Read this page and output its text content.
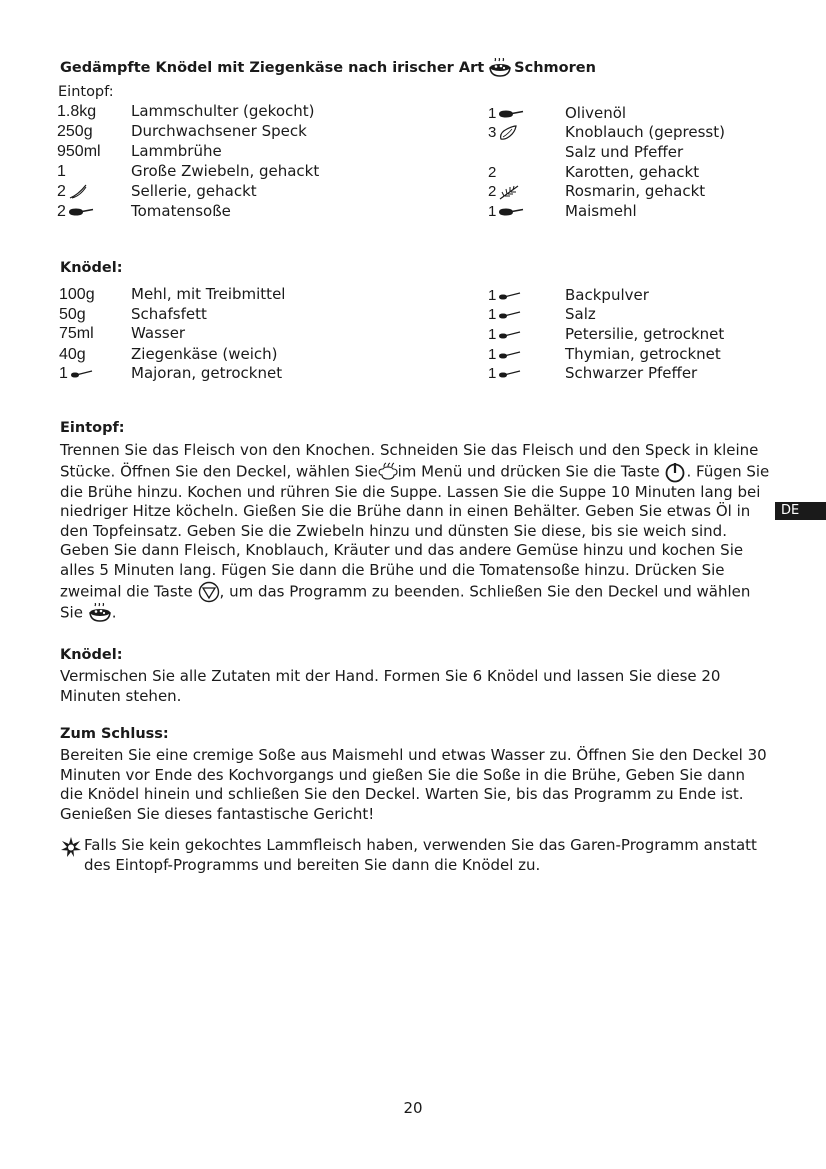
Gedämpfte Knödel mit Ziegenkäse nach irischer Art Schmoren
Eintopf:
1.8kg Lammschulter (gekocht)
250g	Durchwachsener Speck
950ml Lammbrühe
1	Große Zwiebeln, gehackt
2	Sellerie, gehackt
2	Tomatensoße
1	Olivenöl
3	Knoblauch (gepresst)
Salz und Pfeffer
2	Karotten, gehackt
2	Rosmarin, gehackt
1	Maismehl
Knödel:
100g Mehl, mit Treibmittel
50g	Schafsfett
75ml Wasser
40g	Ziegenkäse (weich)
1	Majoran, getrocknet
1	Backpulver
1	Salz
1	Petersilie, getrocknet
1	Thymian, getrocknet
1	Schwarzer Pfeffer
Eintopf:
Trennen Sie das Fleisch von den Knochen. Schneiden Sie das Fleisch und den Speck in kleine Stücke. Öffnen Sie den Deckel, wählen Sie im Menü und drücken Sie die Taste . Fügen Sie die Brühe hinzu. Kochen und rühren Sie die Suppe. Lassen Sie die Suppe 10 Minuten lang bei niedriger Hitze köcheln. Gießen Sie die Brühe dann in einen Behälter. Geben Sie etwas Öl in den Topfeinsatz. Geben Sie die Zwiebeln hinzu und dünsten Sie diese, bis sie weich sind. Geben Sie dann Fleisch, Knoblauch, Kräuter und das andere Gemüse hinzu und kochen Sie alles 5 Minuten lang. Fügen Sie dann die Brühe und die Tomatensoße hinzu. Drücken Sie zweimal die Taste , um das Programm zu beenden. Schließen Sie den Deckel und wählen Sie .
DE
Knödel:
Vermischen Sie alle Zutaten mit der Hand. Formen Sie 6 Knödel und lassen Sie diese 20 Minuten stehen.
Zum Schluss:
Bereiten Sie eine cremige Soße aus Maismehl und etwas Wasser zu. Öffnen Sie den Deckel 30 Minuten vor Ende des Kochvorgangs und gießen Sie die Soße in die Brühe, Geben Sie dann die Knödel hinein und schließen Sie den Deckel. Warten Sie, bis das Programm zu Ende ist. Genießen Sie dieses fantastische Gericht!
Falls Sie kein gekochtes Lammfleisch haben, verwenden Sie das Garen-Programm anstatt des Eintopf-Programms und bereiten Sie dann die Knödel zu.
20
